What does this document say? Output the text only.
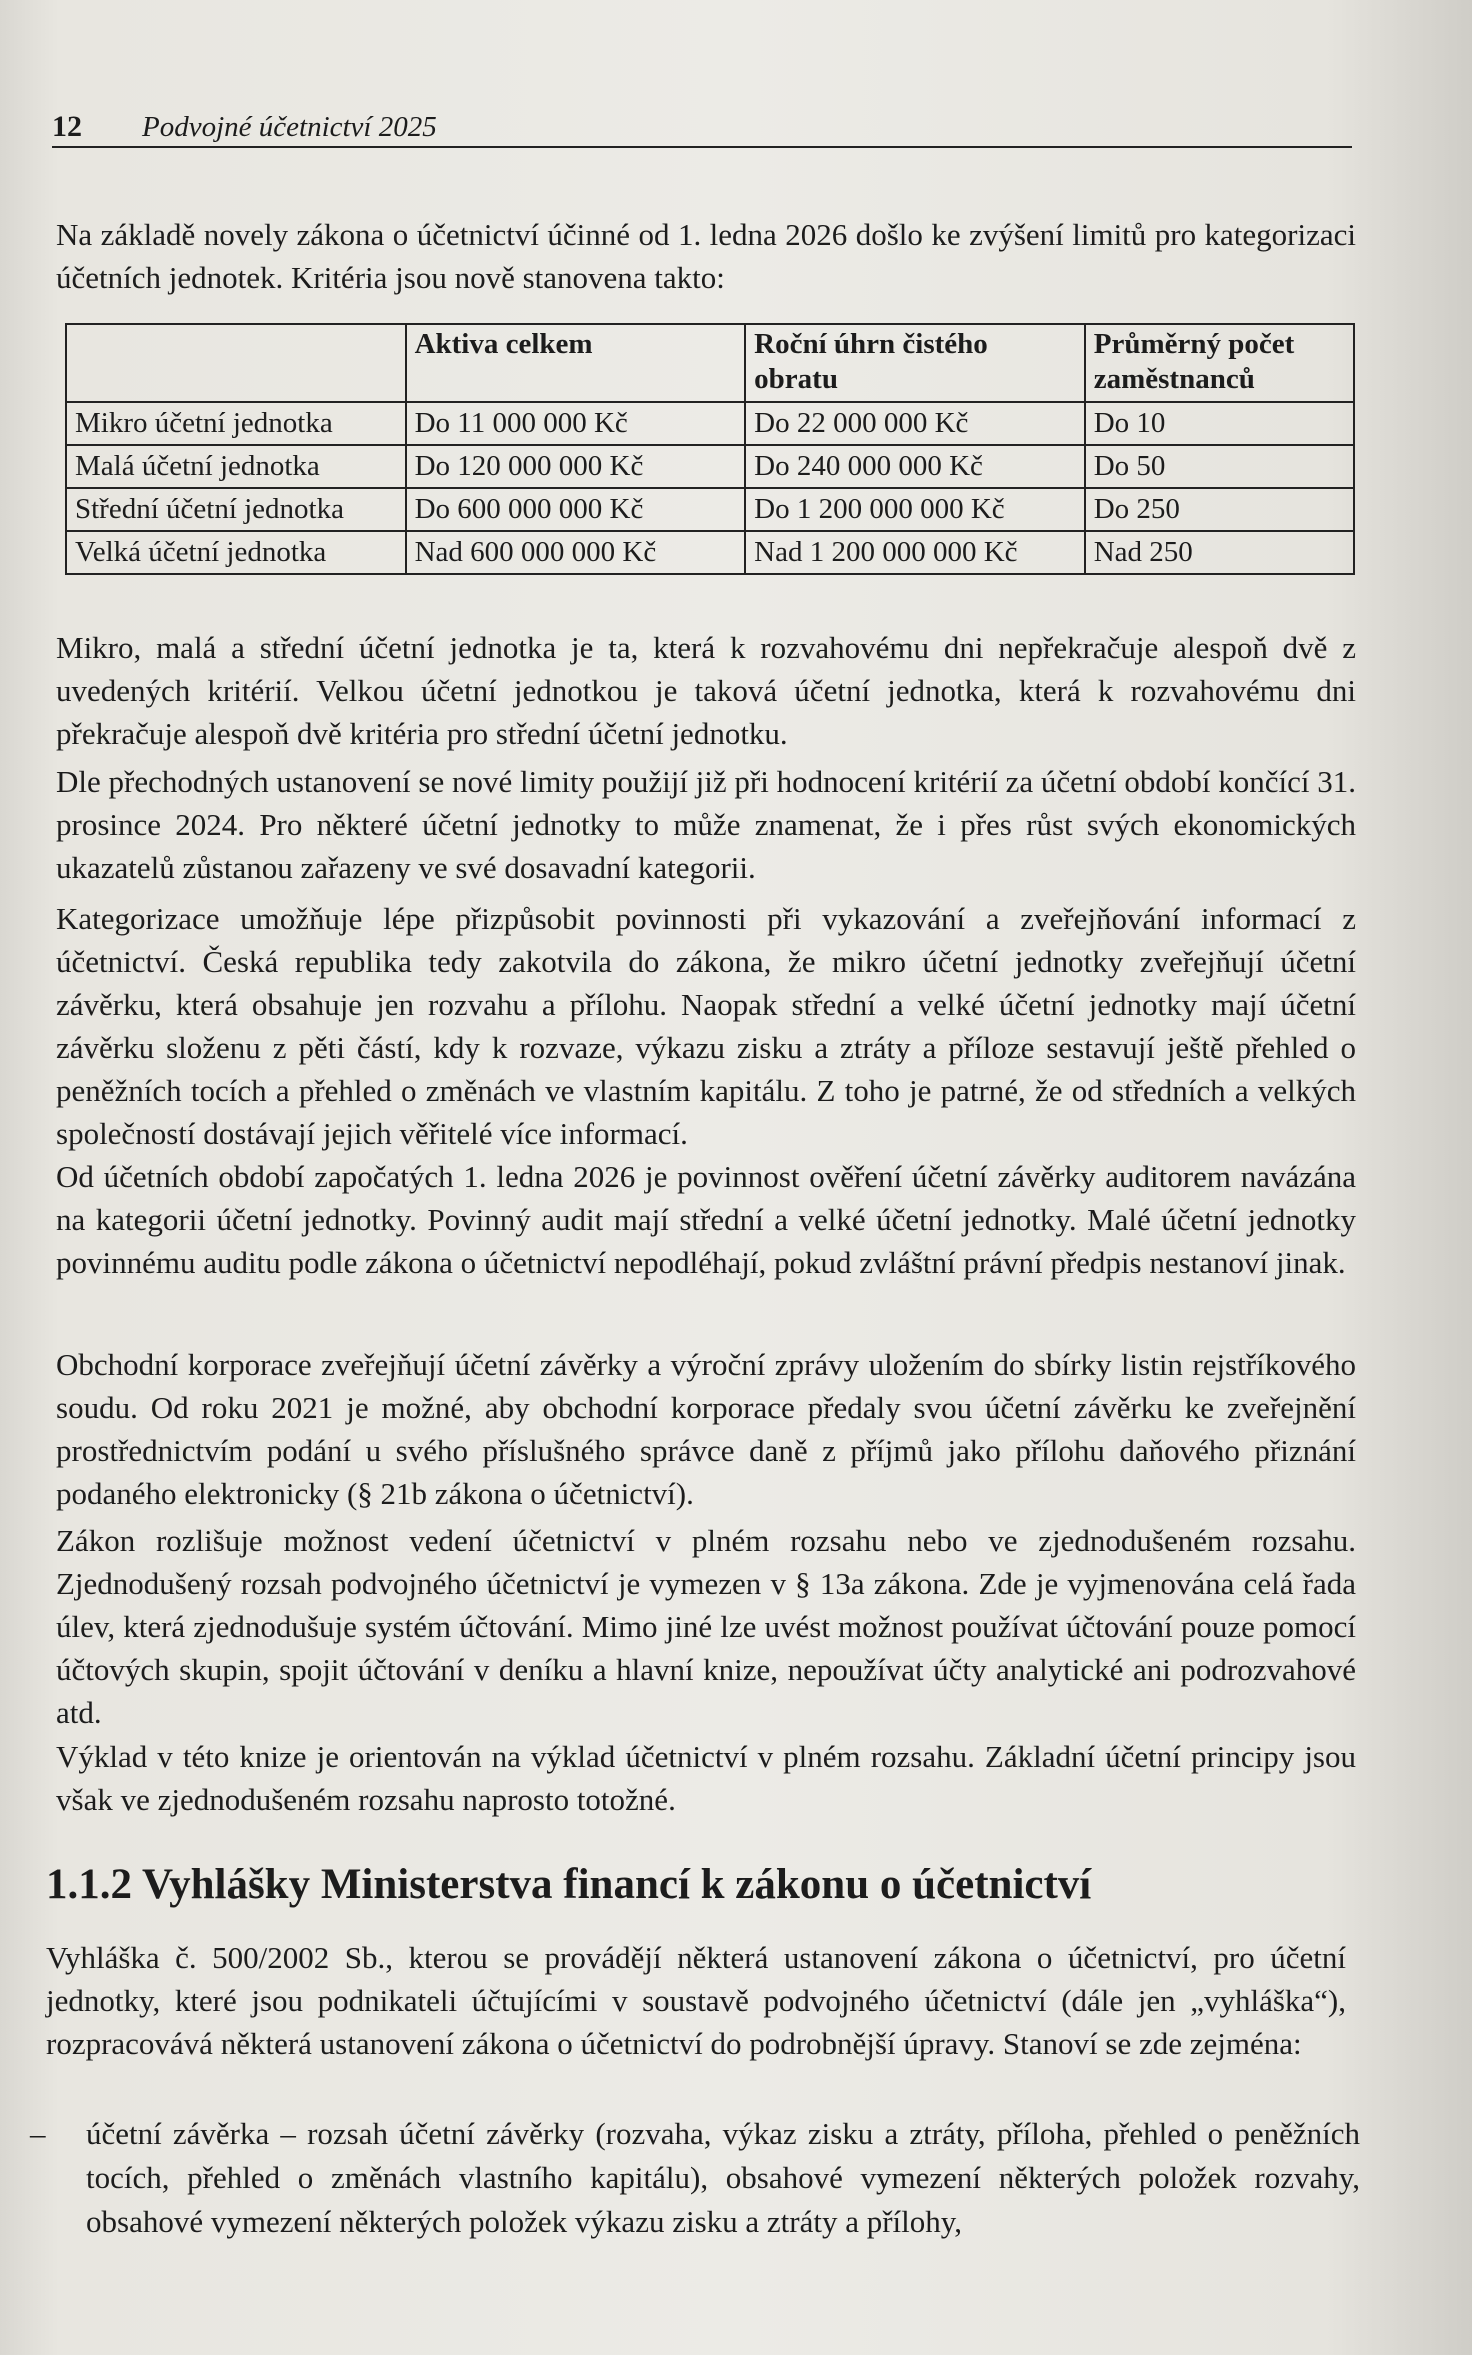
12 Podvojné účetnictví 2025

Na základě novely zákona o účetnictví účinné od 1. ledna 2026 došlo ke zvýšení limitů pro kategorizaci účetních jednotek. Kritéria jsou nově stanovena takto:

	Aktiva celkem	Roční úhrn čistého obratu	Průměrný počet zaměstnanců
Mikro účetní jednotka	Do 11 000 000 Kč	Do 22 000 000 Kč	Do 10
Malá účetní jednotka	Do 120 000 000 Kč	Do 240 000 000 Kč	Do 50
Střední účetní jednotka	Do 600 000 000 Kč	Do 1 200 000 000 Kč	Do 250
Velká účetní jednotka	Nad 600 000 000 Kč	Nad 1 200 000 000 Kč	Nad 250

Mikro, malá a střední účetní jednotka je ta, která k rozvahovému dni nepřekračuje alespoň dvě z uvedených kritérií. Velkou účetní jednotkou je taková účetní jednotka, která k rozvahovému dni překračuje alespoň dvě kritéria pro střední účetní jednotku.

Dle přechodných ustanovení se nové limity použijí již při hodnocení kritérií za účetní období končící 31. prosince 2024. Pro některé účetní jednotky to může znamenat, že i přes růst svých ekonomických ukazatelů zůstanou zařazeny ve své dosavadní kategorii.

Kategorizace umožňuje lépe přizpůsobit povinnosti při vykazování a zveřejňování informací z účetnictví. Česká republika tedy zakotvila do zákona, že mikro účetní jednotky zveřejňují účetní závěrku, která obsahuje jen rozvahu a přílohu. Naopak střední a velké účetní jednotky mají účetní závěrku složenu z pěti částí, kdy k rozvaze, výkazu zisku a ztráty a příloze sestavují ještě přehled o peněžních tocích a přehled o změnách ve vlastním kapitálu. Z toho je patrné, že od středních a velkých společností dostávají jejich věřitelé více informací.

Od účetních období započatých 1. ledna 2026 je povinnost ověření účetní závěrky auditorem navázána na kategorii účetní jednotky. Povinný audit mají střední a velké účetní jednotky. Malé účetní jednotky povinnému auditu podle zákona o účetnictví nepodléhají, pokud zvláštní právní předpis nestanoví jinak.

Obchodní korporace zveřejňují účetní závěrky a výroční zprávy uložením do sbírky listin rejstříkového soudu. Od roku 2021 je možné, aby obchodní korporace předaly svou účetní závěrku ke zveřejnění prostřednictvím podání u svého příslušného správce daně z příjmů jako přílohu daňového přiznání podaného elektronicky (§ 21b zákona o účetnictví).

Zákon rozlišuje možnost vedení účetnictví v plném rozsahu nebo ve zjednodušeném rozsahu. Zjednodušený rozsah podvojného účetnictví je vymezen v § 13a zákona. Zde je vyjmenována celá řada úlev, která zjednodušuje systém účtování. Mimo jiné lze uvést možnost používat účtování pouze pomocí účtových skupin, spojit účtování v deníku a hlavní knize, nepoužívat účty analytické ani podrozvahové atd.

Výklad v této knize je orientován na výklad účetnictví v plném rozsahu. Základní účetní principy jsou však ve zjednodušeném rozsahu naprosto totožné.

1.1.2 Vyhlášky Ministerstva financí k zákonu o účetnictví

Vyhláška č. 500/2002 Sb., kterou se provádějí některá ustanovení zákona o účetnictví, pro účetní jednotky, které jsou podnikateli účtujícími v soustavě podvojného účetnictví (dále jen „vyhláška“), rozpracovává některá ustanovení zákona o účetnictví do podrobnější úpravy. Stanoví se zde zejména:

–	účetní závěrka – rozsah účetní závěrky (rozvaha, výkaz zisku a ztráty, příloha, přehled o peněžních tocích, přehled o změnách vlastního kapitálu), obsahové vymezení některých položek rozvahy, obsahové vymezení některých položek výkazu zisku a ztráty a přílohy,
